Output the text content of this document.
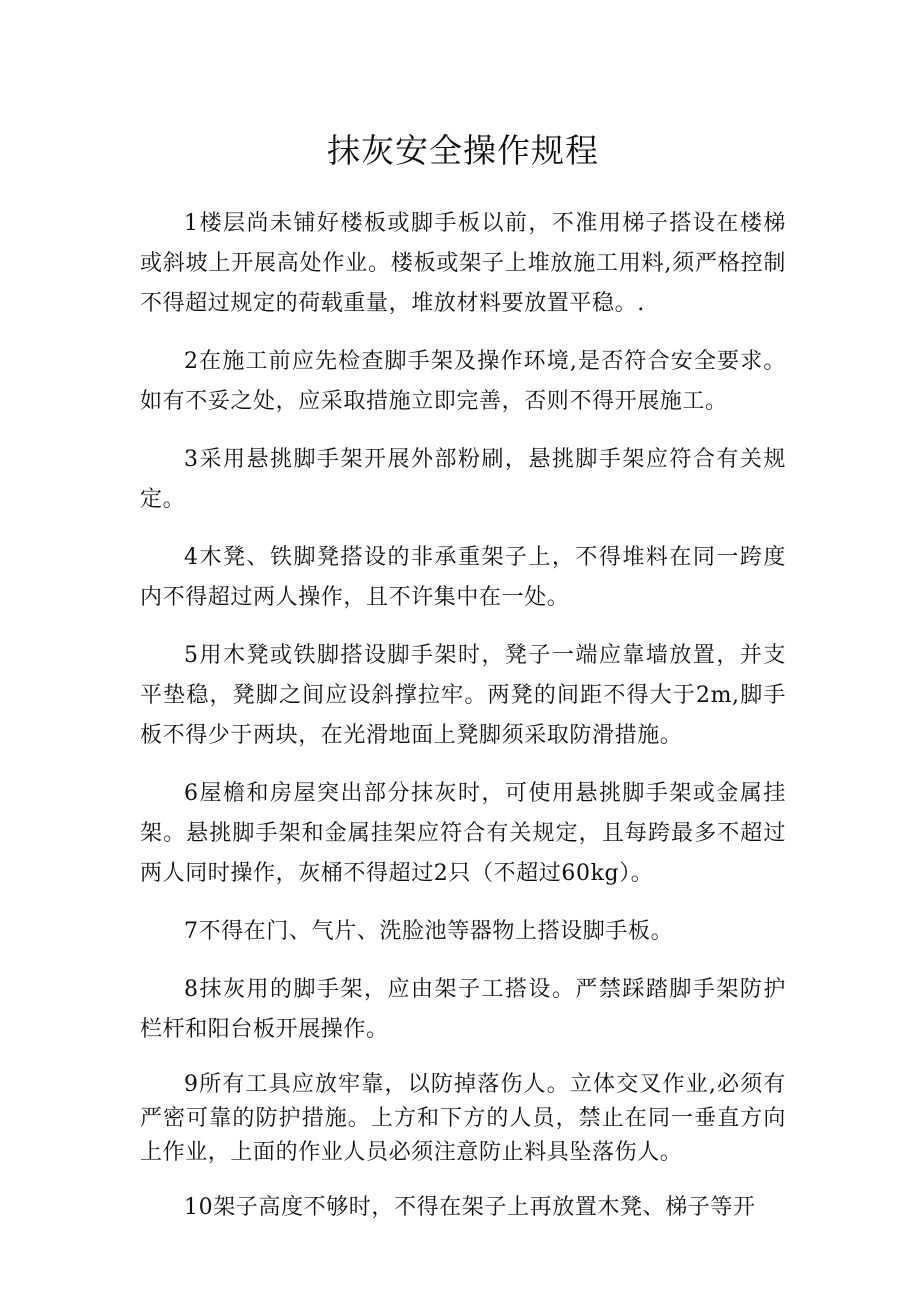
抹灰安全操作规程

1楼层尚未铺好楼板或脚手板以前，不准用梯子搭设在楼梯或斜坡上开展高处作业。楼板或架子上堆放施工用料,须严格控制不得超过规定的荷载重量，堆放材料要放置平稳。.

2在施工前应先检查脚手架及操作环境,是否符合安全要求。如有不妥之处，应采取措施立即完善，否则不得开展施工。

3采用悬挑脚手架开展外部粉刷，悬挑脚手架应符合有关规定。

4木凳、铁脚凳搭设的非承重架子上，不得堆料在同一跨度内不得超过两人操作，且不许集中在一处。

5用木凳或铁脚搭设脚手架时，凳子一端应靠墙放置，并支平垫稳，凳脚之间应设斜撑拉牢。两凳的间距不得大于2m,脚手板不得少于两块，在光滑地面上凳脚须采取防滑措施。

6屋檐和房屋突出部分抹灰时，可使用悬挑脚手架或金属挂架。悬挑脚手架和金属挂架应符合有关规定，且每跨最多不超过两人同时操作，灰桶不得超过2只（不超过60kg）。

7不得在门、气片、洗脸池等器物上搭设脚手板。

8抹灰用的脚手架，应由架子工搭设。严禁踩踏脚手架防护栏杆和阳台板开展操作。

9所有工具应放牢靠，以防掉落伤人。立体交叉作业,必须有严密可靠的防护措施。上方和下方的人员，禁止在同一垂直方向上作业，上面的作业人员必须注意防止料具坠落伤人。

10架子高度不够时，不得在架子上再放置木凳、梯子等开
